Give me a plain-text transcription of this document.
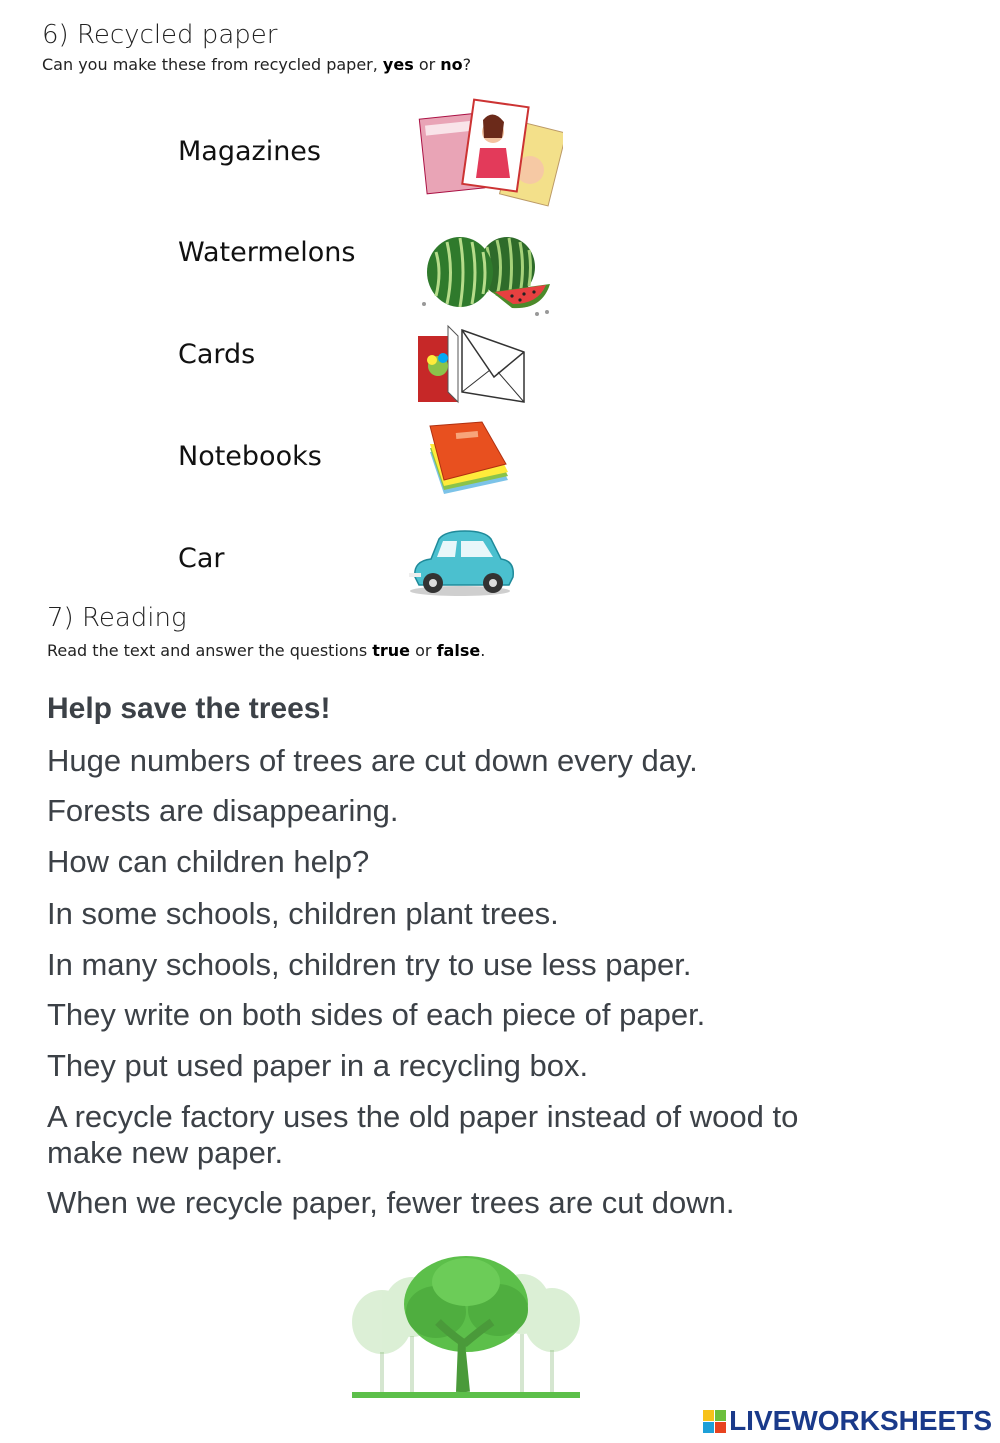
6) Recycled paper
Can you make these from recycled paper, yes or no?
Magazines
Watermelons
Cards
Notebooks
Car
7) Reading
Read the text and answer the questions true or false.
Help save the trees!
Huge numbers of trees are cut down every day.
Forests are disappearing.
How can children help?
In some schools, children plant trees.
In many schools, children try to use less paper.
They write on both sides of each piece of paper.
They put used paper in a recycling box.
A recycle factory uses the old paper instead of wood to make new paper.
When we recycle paper, fewer trees are cut down.
LIVEWORKSHEETS
